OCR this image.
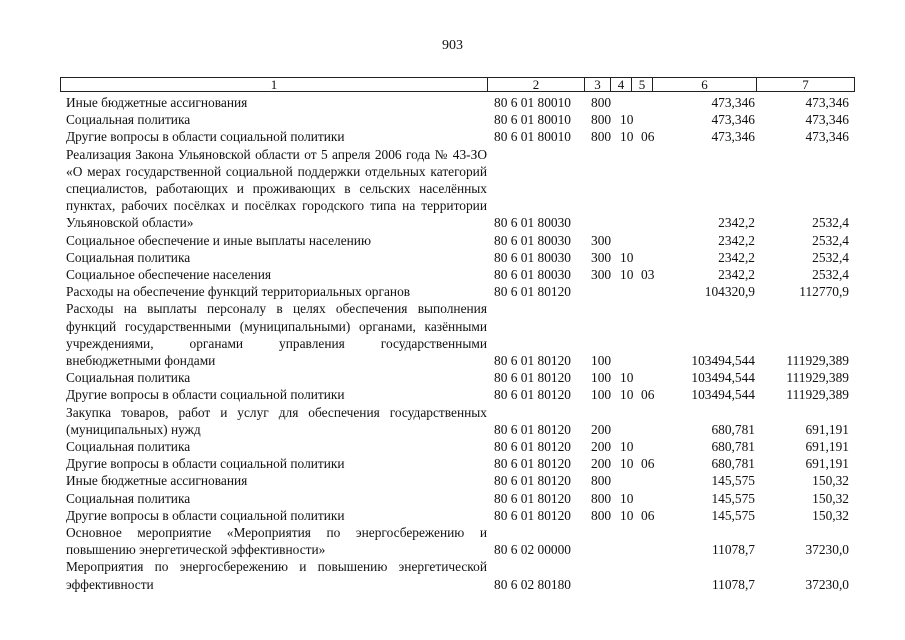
903
1	2	3	4	5	6	7
Иные бюджетные ассигнования	80 6 01 80010 800	473,346	473,346
Социальная политика	80 6 01 80010 800 10	473,346	473,346
Другие вопросы в области социальной политики	80 6 01 80010 800 10 06	473,346	473,346
Реализация Закона Ульяновской области от 5 апреля 2006 года № 43-ЗО «О мерах государственной социальной поддержки отдельных категорий специалистов, работающих и проживающих в сельских населённых пунктах, рабочих посёлках и посёлках городского типа на территории Ульяновской области»	80 6 01 80030	2342,2	2532,4
Социальное обеспечение и иные выплаты населению	80 6 01 80030 300	2342,2	2532,4
Социальная политика	80 6 01 80030 300 10	2342,2	2532,4
Социальное обеспечение населения	80 6 01 80030 300 10 03	2342,2	2532,4
Расходы на обеспечение функций территориальных органов	80 6 01 80120	104320,9	112770,9
Расходы на выплаты персоналу в целях обеспечения выполнения функций государственными (муниципальными) органами, казёнными учреждениями, органами управления государственными внебюджетными фондами	80 6 01 80120 100	103494,544 111929,389
Социальная политика	80 6 01 80120 100 10	103494,544 111929,389
Другие вопросы в области социальной политики	80 6 01 80120 100 10 06	103494,544 111929,389
Закупка товаров, работ и услуг для обеспечения государственных (муниципальных) нужд	80 6 01 80120 200	680,781	691,191
Социальная политика	80 6 01 80120 200 10	680,781	691,191
Другие вопросы в области социальной политики	80 6 01 80120 200 10 06	680,781	691,191
Иные бюджетные ассигнования	80 6 01 80120 800	145,575	150,32
Социальная политика	80 6 01 80120 800 10	145,575	150,32
Другие вопросы в области социальной политики	80 6 01 80120 800 10 06	145,575	150,32
Основное мероприятие «Мероприятия по энергосбережению и повышению энергетической эффективности»	80 6 02 00000	11078,7	37230,0
Мероприятия по энергосбережению и повышению энергетической эффективности	80 6 02 80180	11078,7	37230,0
